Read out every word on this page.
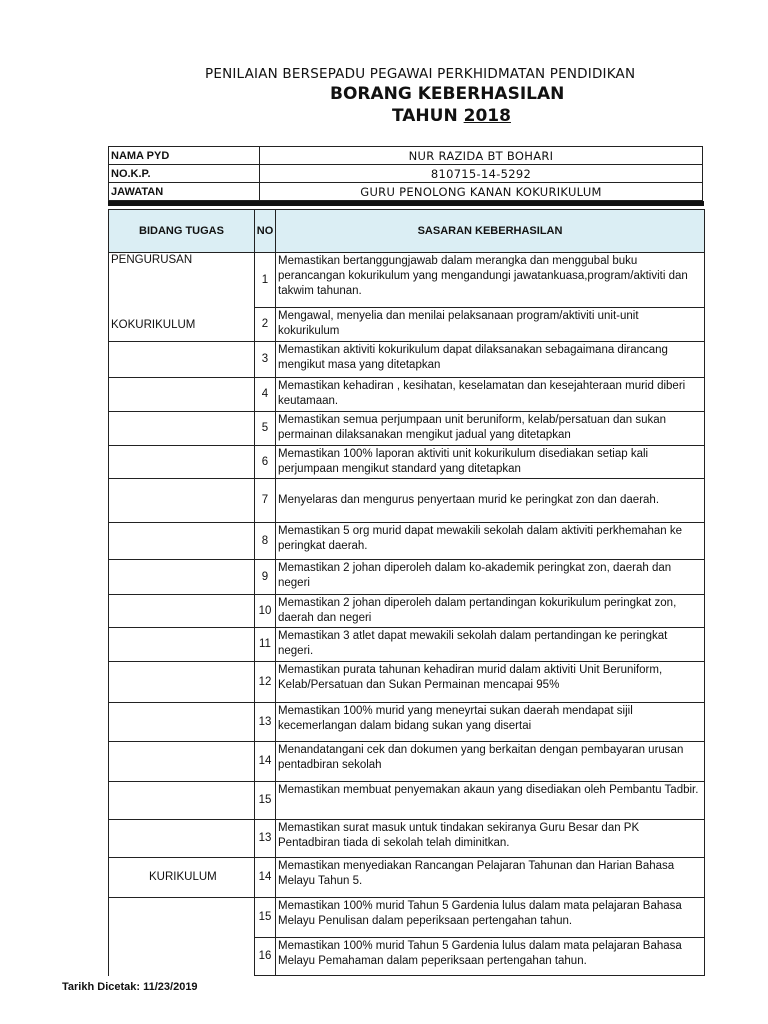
PENILAIAN BERSEPADU PEGAWAI PERKHIDMATAN PENDIDIKAN
BORANG KEBERHASILAN
TAHUN 2018
NAMA PYD	NUR RAZIDA BT BOHARI
NO.K.P.	810715-14-5292
JAWATAN	GURU PENOLONG KANAN KOKURIKULUM
BIDANG TUGAS	NO	SASARAN KEBERHASILAN
PENGURUSAN	1	Memastikan bertanggungjawab dalam merangka dan menggubal buku perancangan kokurikulum yang mengandungi jawatankuasa,program/aktiviti dan takwim tahunan.
KOKURIKULUM	2	Mengawal, menyelia dan menilai pelaksanaan program/aktiviti unit-unit kokurikulum
	3	Memastikan aktiviti kokurikulum dapat dilaksanakan sebagaimana dirancang mengikut masa yang ditetapkan
	4	Memastikan kehadiran , kesihatan, keselamatan dan kesejahteraan murid diberi keutamaan.
	5	Memastikan semua perjumpaan unit beruniform, kelab/persatuan dan sukan permainan dilaksanakan mengikut jadual yang ditetapkan
	6	Memastikan 100% laporan aktiviti unit kokurikulum disediakan setiap kali perjumpaan mengikut standard yang ditetapkan
	7	Menyelaras dan mengurus penyertaan murid ke peringkat zon dan daerah.
	8	Memastikan 5 org murid dapat mewakili sekolah dalam aktiviti perkhemahan ke peringkat daerah.
	9	Memastikan 2 johan diperoleh dalam ko-akademik peringkat zon, daerah dan negeri
	10	Memastikan 2 johan diperoleh dalam pertandingan kokurikulum peringkat zon, daerah dan negeri
	11	Memastikan 3 atlet dapat mewakili sekolah dalam pertandingan ke peringkat negeri.
	12	Memastikan purata tahunan kehadiran murid dalam aktiviti Unit Beruniform, Kelab/Persatuan dan Sukan Permainan mencapai 95%
	13	Memastikan 100% murid yang meneyrtai sukan daerah mendapat sijil kecemerlangan dalam bidang sukan yang disertai
	14	Menandatangani cek dan dokumen yang berkaitan dengan pembayaran urusan pentadbiran sekolah
	15	Memastikan membuat penyemakan akaun yang disediakan oleh Pembantu Tadbir.
	13	Memastikan surat masuk untuk tindakan sekiranya Guru Besar dan PK Pentadbiran tiada di sekolah telah diminitkan.
KURIKULUM	14	Memastikan menyediakan Rancangan Pelajaran Tahunan dan Harian Bahasa Melayu Tahun 5.
	15	Memastikan 100% murid Tahun 5 Gardenia lulus dalam mata pelajaran Bahasa Melayu Penulisan dalam peperiksaan pertengahan tahun.
	16	Memastikan 100% murid Tahun 5 Gardenia lulus dalam mata pelajaran Bahasa Melayu Pemahaman dalam peperiksaan pertengahan tahun.
Tarikh Dicetak: 11/23/2019
